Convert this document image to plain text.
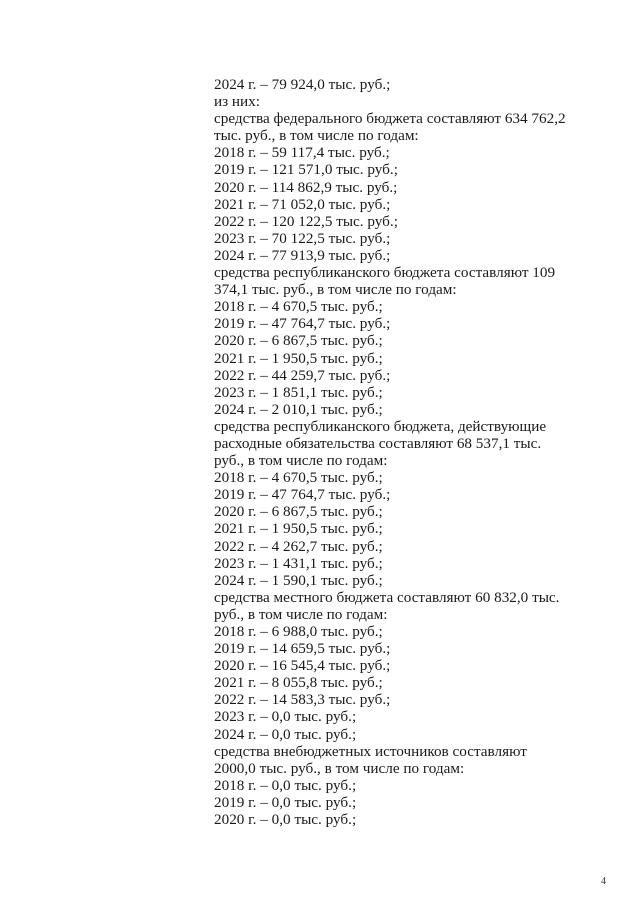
2024 г. – 79 924,0 тыс. руб.;

из них:

средства федерального бюджета составляют 634 762,2

тыс. руб., в том числе по годам:

2018 г. – 59 117,4 тыс. руб.;

2019 г. – 121 571,0 тыс. руб.;

2020 г. – 114 862,9 тыс. руб.;

2021 г. – 71 052,0 тыс. руб.;

2022 г. – 120 122,5 тыс. руб.;

2023 г. – 70 122,5 тыс. руб.;

2024 г. – 77 913,9 тыс. руб.;

средства республиканского бюджета составляют 109

374,1 тыс. руб., в том числе по годам:

2018 г. – 4 670,5 тыс. руб.;

2019 г. – 47 764,7 тыс. руб.;

2020 г. – 6 867,5 тыс. руб.;

2021 г. – 1 950,5 тыс. руб.;

2022 г. – 44 259,7 тыс. руб.;

2023 г. – 1 851,1 тыс. руб.;

2024 г. – 2 010,1 тыс. руб.;

средства республиканского бюджета, действующие

расходные обязательства составляют 68 537,1 тыс.

руб., в том числе по годам:

2018 г. – 4 670,5 тыс. руб.;

2019 г. – 47 764,7 тыс. руб.;

2020 г. – 6 867,5 тыс. руб.;

2021 г. – 1 950,5 тыс. руб.;

2022 г. – 4 262,7 тыс. руб.;

2023 г. – 1 431,1 тыс. руб.;

2024 г. – 1 590,1 тыс. руб.;

средства местного бюджета составляют 60 832,0 тыс.

руб., в том числе по годам:

2018 г. – 6 988,0 тыс. руб.;

2019 г. – 14 659,5 тыс. руб.;

2020 г. – 16 545,4 тыс. руб.;

2021 г. – 8 055,8 тыс. руб.;

2022 г. – 14 583,3 тыс. руб.;

2023 г. – 0,0 тыс. руб.;

2024 г. – 0,0 тыс. руб.;

средства внебюджетных источников составляют

2000,0 тыс. руб., в том числе по годам:

2018 г. – 0,0 тыс. руб.;

2019 г. – 0,0 тыс. руб.;

2020 г. – 0,0 тыс. руб.;

4
